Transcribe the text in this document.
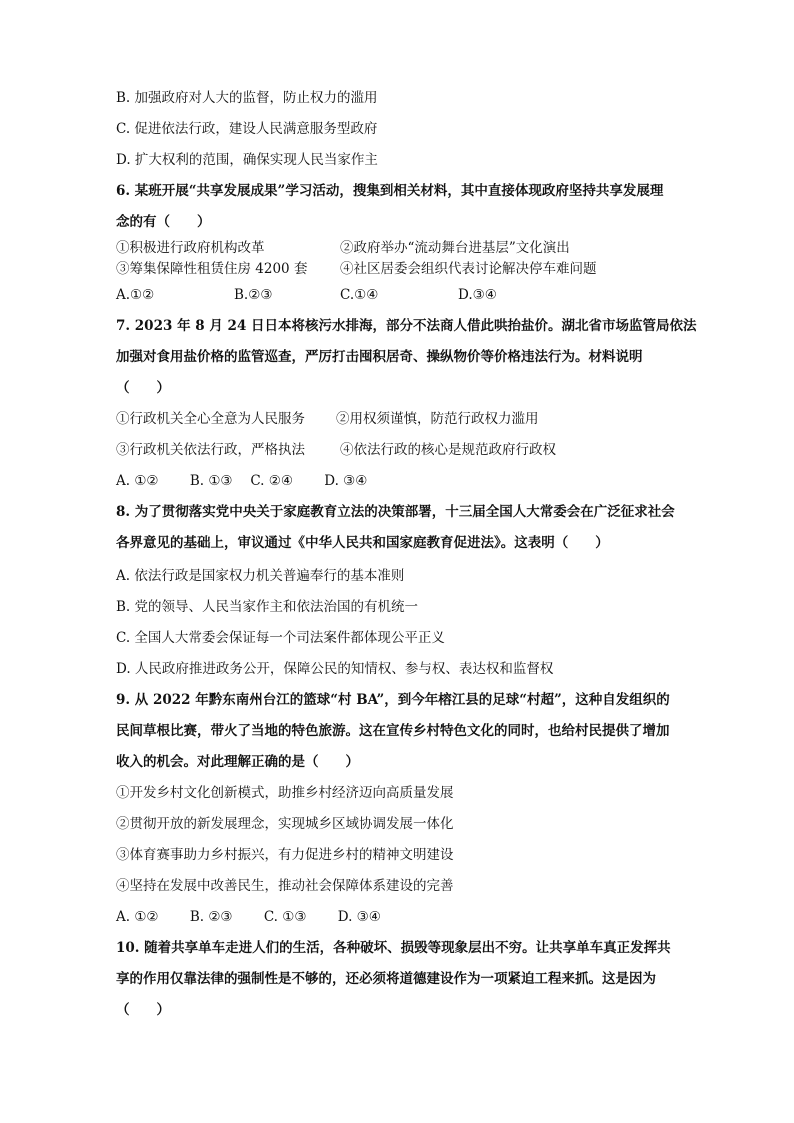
B. 加强政府对人大的监督，防止权力的滥用
C. 促进依法行政，建设人民满意服务型政府
D. 扩大权利的范围，确保实现人民当家作主
6. 某班开展“共享发展成果”学习活动，搜集到相关材料，其中直接体现政府坚持共享发展理
念的有（　　）
①积极进行政府机构改革	②政府举办“流动舞台进基层”文化演出
③筹集保障性租赁住房 4200 套 ④社区居委会组织代表讨论解决停车难问题
A.①②	B.②③	C.①④	D.③④
7. 2023 年 8 月 24 日日本将核污水排海，部分不法商人借此哄抬盐价。湖北省市场监管局依法
加强对食用盐价格的监管巡查，严厉打击囤积居奇、操纵物价等价格违法行为。材料说明
（　　）
①行政机关全心全意为人民服务 ②用权须谨慎，防范行政权力滥用
③行政机关依法行政，严格执法	④依法行政的核心是规范政府行政权
A. ①②　　 B. ①③　 C. ②④　　 D. ③④
8. 为了贯彻落实党中央关于家庭教育立法的决策部署，十三届全国人大常委会在广泛征求社会
各界意见的基础上，审议通过《中华人民共和国家庭教育促进法》。这表明（　　）
A. 依法行政是国家权力机关普遍奉行的基本准则
B. 党的领导、人民当家作主和依法治国的有机统一
C. 全国人大常委会保证每一个司法案件都体现公平正义
D. 人民政府推进政务公开，保障公民的知情权、参与权、表达权和监督权
9. 从 2022 年黔东南州台江的篮球“村 BA”，到今年榕江县的足球“村超”，这种自发组织的
民间草根比赛，带火了当地的特色旅游。这在宣传乡村特色文化的同时，也给村民提供了增加
收入的机会。对此理解正确的是（　　）
①开发乡村文化创新模式，助推乡村经济迈向高质量发展
②贯彻开放的新发展理念，实现城乡区域协调发展一体化
③体育赛事助力乡村振兴，有力促进乡村的精神文明建设
④坚持在发展中改善民生，推动社会保障体系建设的完善
A. ①②　　 B. ②③　　 C. ①③　　 D. ③④
10. 随着共享单车走进人们的生活，各种破坏、损毁等现象层出不穷。让共享单车真正发挥共
享的作用仅靠法律的强制性是不够的，还必须将道德建设作为一项紧迫工程来抓。这是因为
（　　）
